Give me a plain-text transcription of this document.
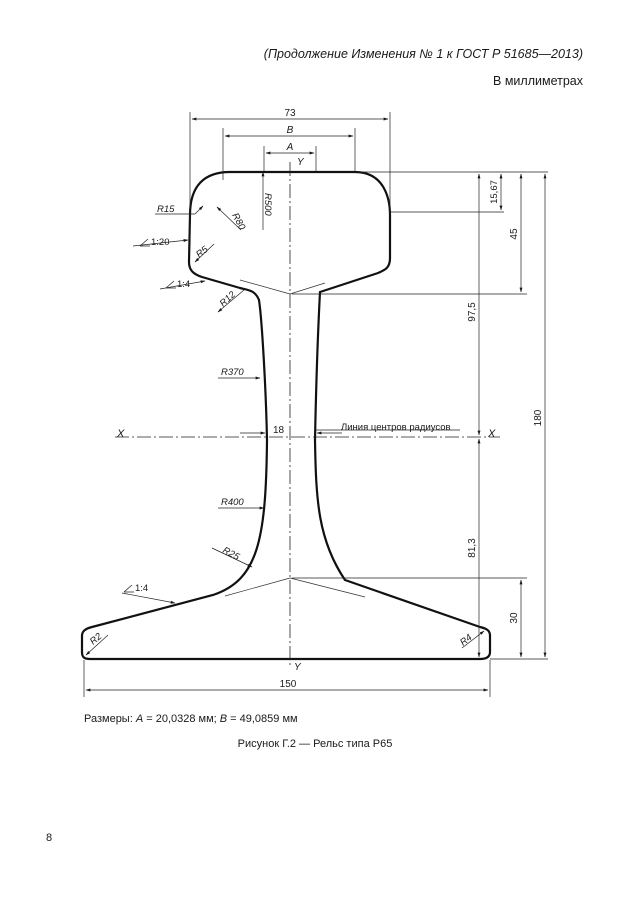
(Продолжение Изменения № 1 к ГОСТ Р 51685—2013)
В миллиметрах
73
B
A
Y
Y
X	X
18	Линия центров радиусов
150
15,67
45
97,5
180
81,3
30
R15
R80
R500
R5
R12
R370
R400
R25
R2	R4
1:20
1:4
1:4
Размеры: A = 20,0328 мм; B = 49,0859 мм
Рисунок Г.2 — Рельс типа Р65
8
